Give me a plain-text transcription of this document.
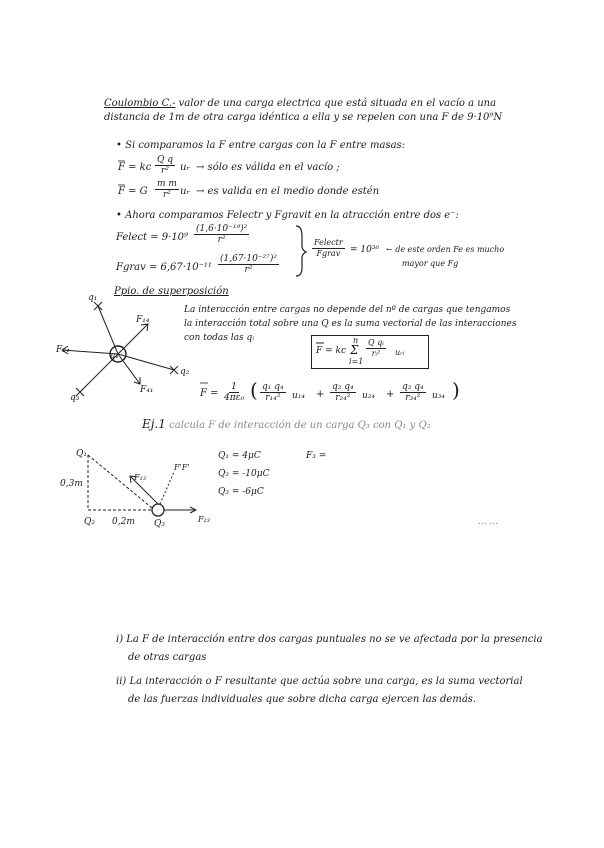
Coulombio C.- valor de una carga electrica que está situada en el vacío a una
distancia de 1m de otra carga idéntica a ella y se repelen con una F de 9·10⁹N
• Si comparamos la F entre cargas con la F entre masas:
F = kc $\frac{\text{Q q}}{\text{r²}}$ uᵣ → sólo es válida en el vacío ;
F = G $\frac{\text{m m}}{\text{r²}}$ uᵣ → es valida en el medio donde estén
• Ahora comparamos Felectr y Fgravit en la atracción entre dos e⁻:
Felect = $9\cdot 10^9 \frac{\text{(1,6·10⁻¹⁹)²}}{\text{r²}}$
Fgrav = $6,67\cdot 10^{-11} \frac{\text{(1,67·10⁻²⁷)²}}{\text{r²}}$
Felectr
Fgrav = 10³⁶ ← de este orden Fe es mucho
mayor que Fg
Ppio. de superposición
La interacción entre cargas no depende del nº de cargas que tengamos
la interacción total sobre una Q es la suma vectorial de las interacciones
con todas las qᵢ
F = kc
n
Σ
i=1
$\frac{\text{Q qᵢ}}{\text{rᵢ²}}$ uᵣᵢ
q₁
q₄
F₁₄
q₂
F₂₄
F₄₁
q₃	$F = \frac{1}{\text{4πε₀}}$ ( $\frac{\text{q₁ q₄}}{\text{r₁₄²}} u_{14} + \frac{\text{q₂ q₄}}{\text{r₂₄²}} u_{24} + \frac{\text{q₃ q₄}}{\text{r₃₄²}} u_{34}$ )
Ej.1 calcula F de interacción de un carga Q₃ con Q₁ y Q₂
Q₁
0,3m
Q₂ 0,2m Q₃
F₁₃
F₂₃
F'F'
Q₁ = 4μC
Q₂ = -10μC
Q₃ = -6μC
F₃ =
... ...
i) La F de interacción entre dos cargas puntuales no se ve afectada por la presencia
de otras cargas
ii) La interacción o F resultante que actúa sobre una carga, es la suma vectorial
de las fuerzas individuales que sobre dicha carga ejercen las demás.
